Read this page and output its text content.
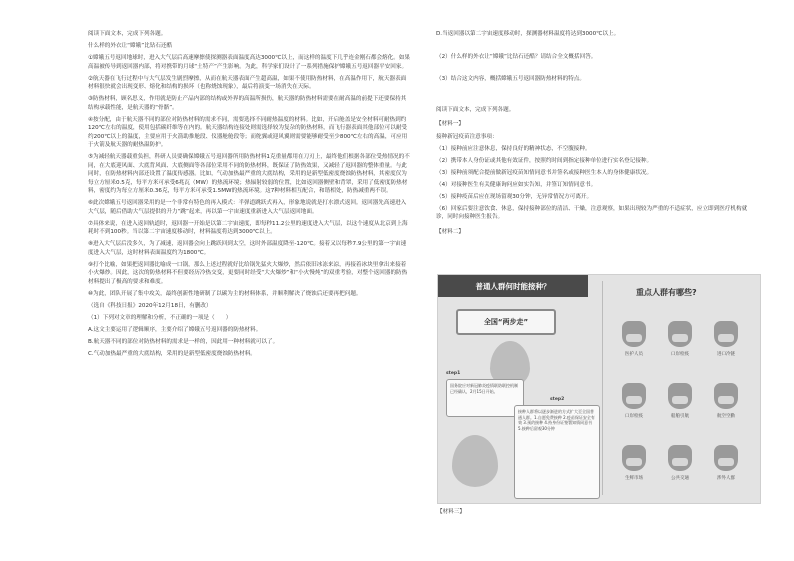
阅读下面文本，完成下列各题。

什么样的外衣让“嫦娥”比钻石还酷

①嫦娥五号返回地球时，进入大气层后高速摩擦使探测器表面温度高达3000℃以上，而这样的温度下几乎连金刚石都会熔化。如果高温被传导到返回器内部，将对携带的月球“土特产”产生影响。为此，科学家们设计了一系列措施保护嫦娥五号返回器平安回家。

②航天器在飞行过程中与大气层发生剧烈摩擦，从而在航天器表面产生超高温，如果不使用防热材料，在高温作用下，航天器表面材料很快就会出现变形、熔化和结构的损坏（也称烧蚀现象），最后将演变一场消失在天际。

③防热材料，顾名思义，作用就是防止产品内部的结构或外界的高温所损伤，航天器的防热材料需要在耐高温的前提下还要保持其结构承载性能，是航天器的“骨骼”。

④按分配，由于航天器不同的部位对防热材料的需求不同，需要选择不同耐热温度的材料。比如，开启舱盖是安全材料可耐热到约120℃左右的温度，使用包括碳纤维等在内的。航天器结构连接处则需选择较为复杂的防热材料，而飞行器表面其他部位可以耐受约200℃以上的温度，主要应用于火箭助推舱段、仪器舱舱段等；而舵翼或迎风翼则需要能够耐受至少800℃左右的高温，可应用于火箭及航天器的耐热温防护。

⑤为减轻航天器载重负担，科研人员要确保嫦娥五号返回器所用防热材料1克重量都用在刀刃上，最终他们根据各部位受热情况的不同，在大底迎风面、大底背风面、大底侧面等各部位采用不同的防热材料，既保证了防热效果，又减轻了返回器的整体重量。与此同时，在防热材料内部还设置了温度传感器。比如，气动加热最严重的大底结构，采用的是新型低密度烧蚀防热材料，其密度仅为每立方厘米0.5克，每平方米可承受6兆瓦（MW）的热流环境；热辐射较弱的位置，比如返回器侧壁和背罩，采用了低密度防热材料，密度约为每立方厘米0.36克，每平方米可承受1.5MW的热流环境。这7种材料相互配合，和谐相处，防热减重两不误。

⑥此次嫦娥五号返回器采用的是一个非常有特色的再入模式：半弹道跳跃式再入，形象地说就是打水漂式返回。返回器先高速进入大气层，随后借助大气层提供的升力“跳”起来，再以第一宇宙速度重新进入大气层返回地面。

⑦具体来说，在进入返回轨道时，返回器一开始是以第二宇宙速度，即每秒11.2公里的速度进入大气层，以这个速度从北京到上海耗时不到100秒。当以第二宇宙速度移动时，材料温度将达到3000℃以上。

⑧进入大气层后没多久，为了减速，返回器会向上跳跃回到太空，这时外部温度降至-120℃。接着又以每秒7.9公里的第一宇宙速度进入大气层，这时材料表面温度约为1800℃。

⑨打个比喻，如果把返回器比喻成一口锅，那么上述过程就好比给锅先猛火大爆炒，然后依旧冰冻来凉，再接着冰块里拿出来接着小火爆炒。因此，这次的防热材料不但要经历冷热交变，更要同时经受“大火爆炒”和“小火慢炖”的双重考验，对整个返回器的防热材料提出了极高的要求和难度。

⑩为此，团队开展了集中攻关，最终创新性地研制了以碳为主的材料体系，并顺利解决了烧蚀后还要再把问题。

（选自《科技日报》2020年12月18日，有删改）

（1）下列对文章的理解和分析，不正确的一项是（　　）

A.这文主要运用了逻辑顺序，主要介绍了嫦娥五号返回器的防热材料。

B.航天器不同的部位对防热材料的需求是一样的，因此用一种材料就可以了。

C.气动加热最严重的大底结构，采用的是新型低密度烧蚀防热材料。

D.当返回器以第二宇宙速度移动时，探测器材料温度将达到3000℃以上。

（2）什么样的外衣让“嫦娥”比钻石还酷？请结合全文概括回答。

（3）结合这文内容，概括嫦娥五号返回器防热材料的特点。

阅读下面文本，完成下列各题。

【材料一】

接种新冠疫苗注意事项：

（1）接种前应注意休息，保持良好的精神状态，不空腹接种。

（2）携带本人身份证或其他有效证件，按照约时间到指定接种单位进行实名登记接种。

（3）接种前须配合提前做新冠疫苗知情同意书并签名或接种医生本人的身体健康状况。

（4）对接种医生有关健康询问应如实告知，并签订知情同意书。

（5）接种疫苗后应在现场留观30分钟，无异常情况方可离开。

（6）回家后要注意饮食、休息，保持接种部位的清洁、干燥，注意观察，如果出现较为严重的不适症状，应立即到医疗机构就诊，同时向接种医生报告。

【材料二】

普通人群何时能接种？
全国“两步走”
step1
国务院应对新冠肺炎疫情联防联控机制已经确认，2月15日开始。
step2
接种人群将以逐步渐进的方式扩大至全国普通人群。1.自愿免费接种 2.疫苗保证安全有效 3.预约接种 4.持身份证签署知情同意书 5.接种后留观30分钟
重点人群有哪些?
医护人员	口岸检疫	进口冷链
口岸检疫	船舶引航	航空空勤
生鲜市场	公共交通	涉外人群
【材料三】
